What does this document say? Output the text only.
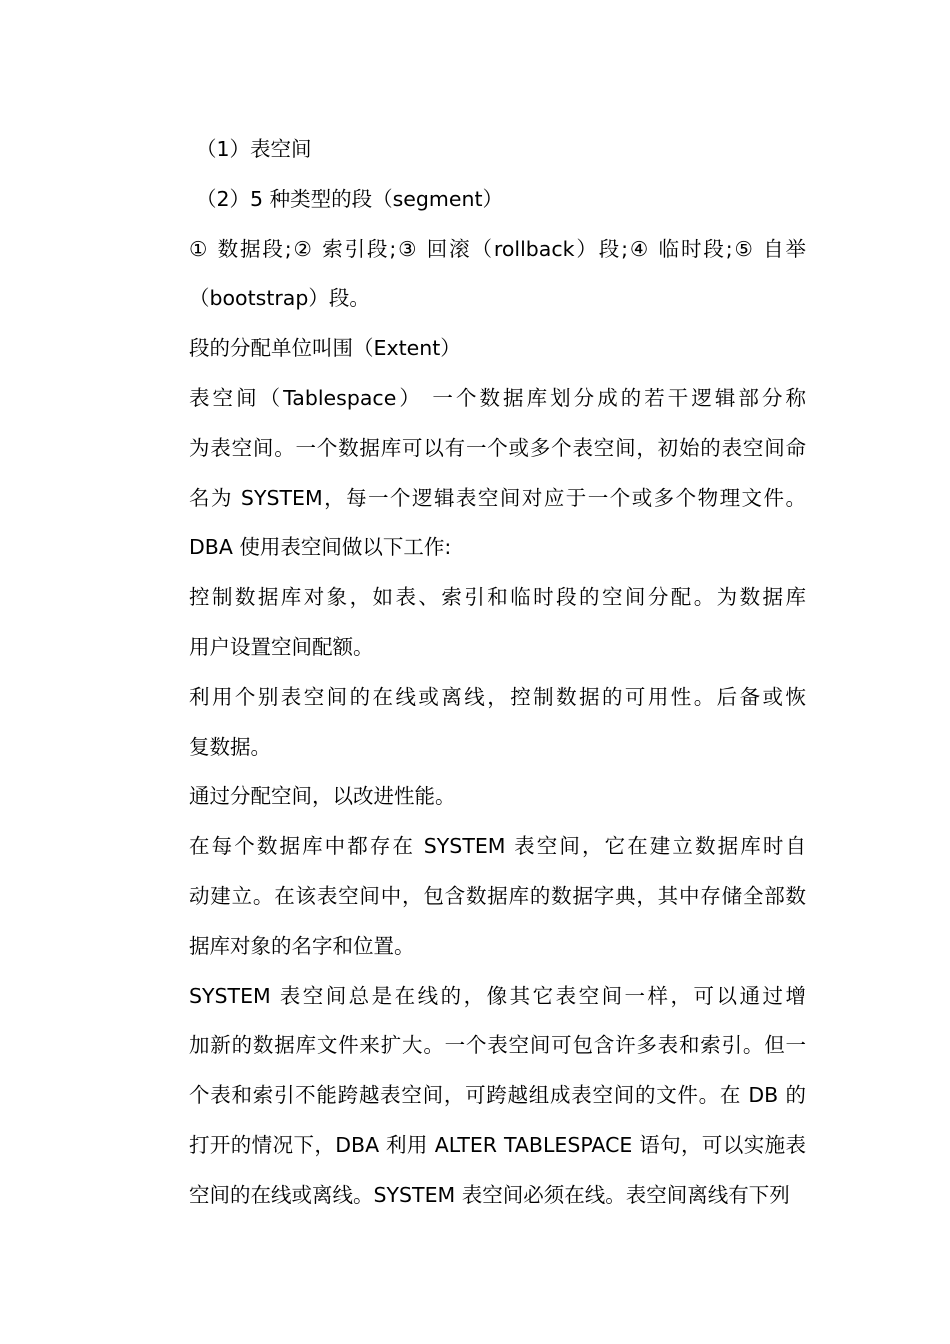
（1）表空间
（2）5 种类型的段（segment）
① 数据段;② 索引段;③ 回滚（rollback）段;④ 临时段;⑤ 自举
（bootstrap）段。
段的分配单位叫围（Extent）
表空间（Tablespace） 一个数据库划分成的若干逻辑部分称
为表空间。一个数据库可以有一个或多个表空间，初始的表空间命
名为 SYSTEM，每一个逻辑表空间对应于一个或多个物理文件。
DBA 使用表空间做以下工作:
控制数据库对象，如表、索引和临时段的空间分配。为数据库
用户设置空间配额。
利用个别表空间的在线或离线，控制数据的可用性。后备或恢
复数据。
通过分配空间，以改进性能。
在每个数据库中都存在 SYSTEM 表空间，它在建立数据库时自
动建立。在该表空间中，包含数据库的数据字典，其中存储全部数
据库对象的名字和位置。
SYSTEM 表空间总是在线的，像其它表空间一样，可以通过增
加新的数据库文件来扩大。一个表空间可包含许多表和索引。但一
个表和索引不能跨越表空间，可跨越组成表空间的文件。在 DB 的
打开的情况下，DBA 利用 ALTER TABLESPACE 语句，可以实施表
空间的在线或离线。SYSTEM 表空间必须在线。表空间离线有下列
